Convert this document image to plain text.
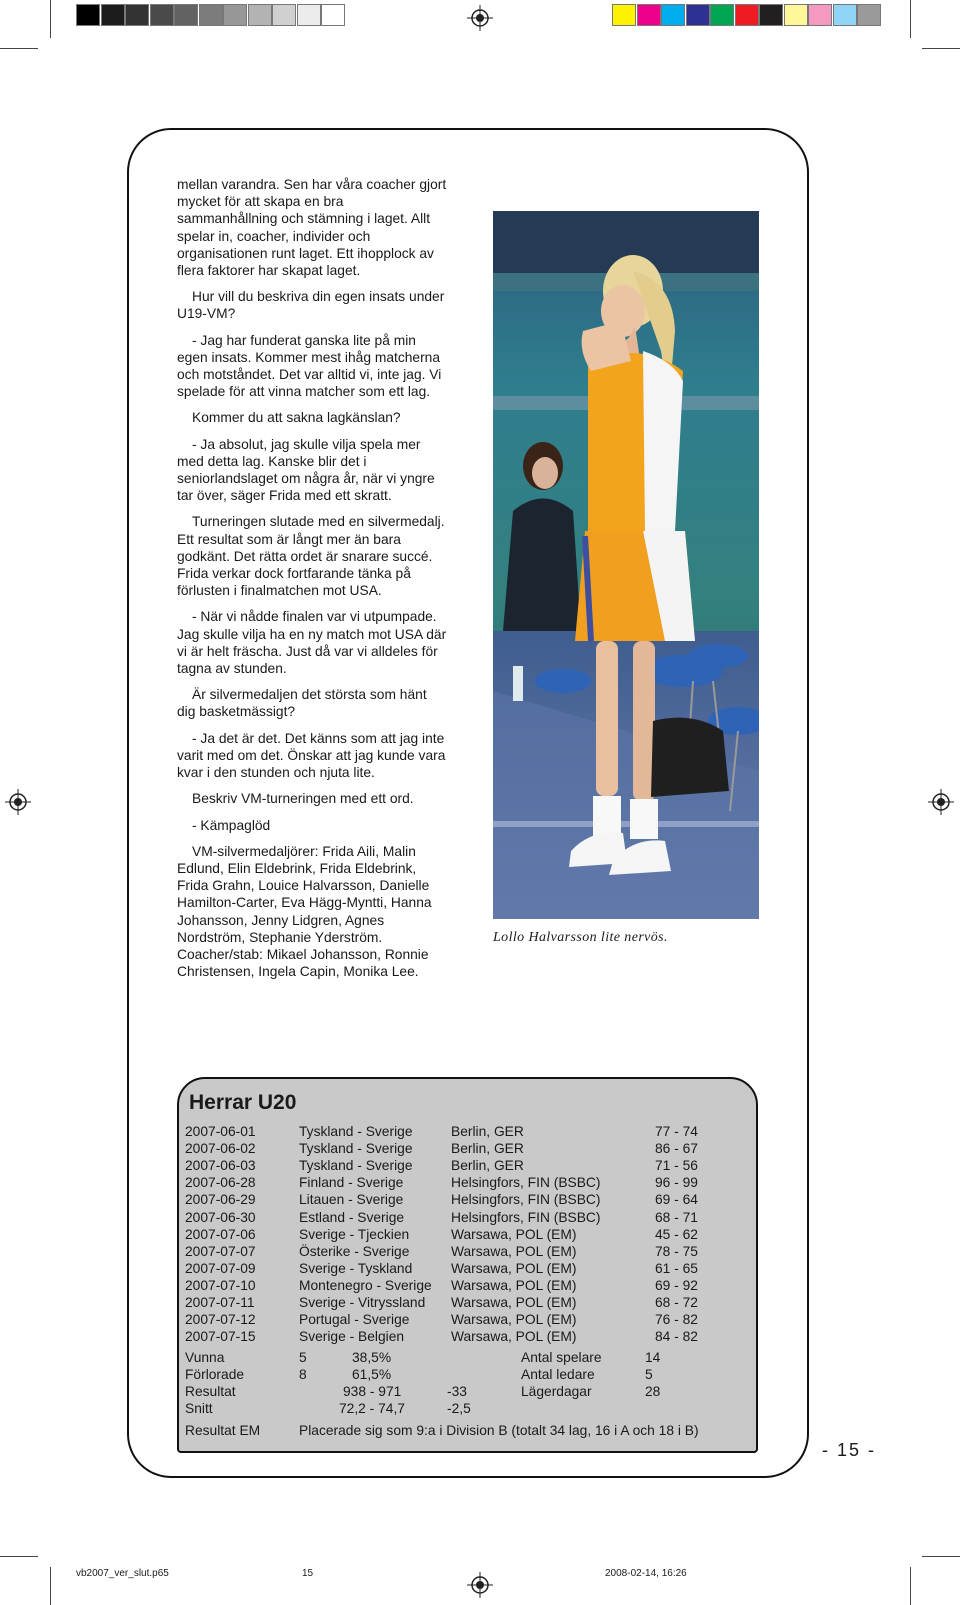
mellan varandra. Sen har våra coacher gjort mycket för att skapa en bra sammanhållning och stämning i laget. Allt spelar in, coacher, individer och organisationen runt laget. Ett ihopplock av flera faktorer har skapat laget.

Hur vill du beskriva din egen insats under U19-VM?

- Jag har funderat ganska lite på min egen insats. Kommer mest ihåg matcherna och motståndet. Det var alltid vi, inte jag. Vi spelade för att vinna matcher som ett lag.

Kommer du att sakna lagkänslan?

- Ja absolut, jag skulle vilja spela mer med detta lag. Kanske blir det i seniorlandslaget om några år, när vi yngre tar över, säger Frida med ett skratt.

Turneringen slutade med en silvermedalj. Ett resultat som är långt mer än bara godkänt. Det rätta ordet är snarare succé. Frida verkar dock fortfarande tänka på förlusten i finalmatchen mot USA.

- När vi nådde finalen var vi utpumpade. Jag skulle vilja ha en ny match mot USA där vi är helt fräscha. Just då var vi alldeles för tagna av stunden.

Är silvermedaljen det största som hänt dig basketmässigt?

- Ja det är det. Det känns som att jag inte varit med om det. Önskar att jag kunde vara kvar i den stunden och njuta lite.

Beskriv VM-turneringen med ett ord.

- Kämpaglöd

VM-silvermedaljörer: Frida Aili, Malin Edlund, Elin Eldebrink, Frida Eldebrink, Frida Grahn, Louice Halvarsson, Danielle Hamilton-Carter, Eva Hägg-Myntti, Hanna Johansson, Jenny Lidgren, Agnes Nordström, Stephanie Yderström. Coacher/stab: Mikael Johansson, Ronnie Christensen, Ingela Capin, Monika Lee.

Lollo Halvarsson lite nervös.
Herrar U20
2007-06-01	Tyskland - Sverige	Berlin, GER	77 - 74
2007-06-02	Tyskland - Sverige	Berlin, GER	86 - 67
2007-06-03	Tyskland - Sverige	Berlin, GER	71 - 56
2007-06-28	Finland - Sverige	Helsingfors, FIN (BSBC)	96 - 99
2007-06-29	Litauen - Sverige	Helsingfors, FIN (BSBC)	69 - 64
2007-06-30	Estland - Sverige	Helsingfors, FIN (BSBC)	68 - 71
2007-07-06	Sverige - Tjeckien	Warsawa, POL (EM)	45 - 62
2007-07-07	Österike - Sverige	Warsawa, POL (EM)	78 - 75
2007-07-09	Sverige - Tyskland	Warsawa, POL (EM)	61 - 65
2007-07-10	Montenegro - Sverige Warsawa, POL (EM)	69 - 92
2007-07-11	Sverige - Vitryssland Warsawa, POL (EM)	68 - 72
2007-07-12	Portugal - Sverige	Warsawa, POL (EM)	76 - 82
2007-07-15	Sverige - Belgien	Warsawa, POL (EM)	84 - 82
Vunna	5	38,5%	Antal spelare	14
Förlorade	8	61,5%	Antal ledare	5
Resultat	938 - 971	-33	Lägerdagar	28
Snitt	72,2 - 74,7	-2,5
Resultat EM	Placerade sig som 9:a i Division B (totalt 34 lag, 16 i A och 18 i B)
- 15 -
vb2007_ver_slut.p65	15	2008-02-14, 16:26
